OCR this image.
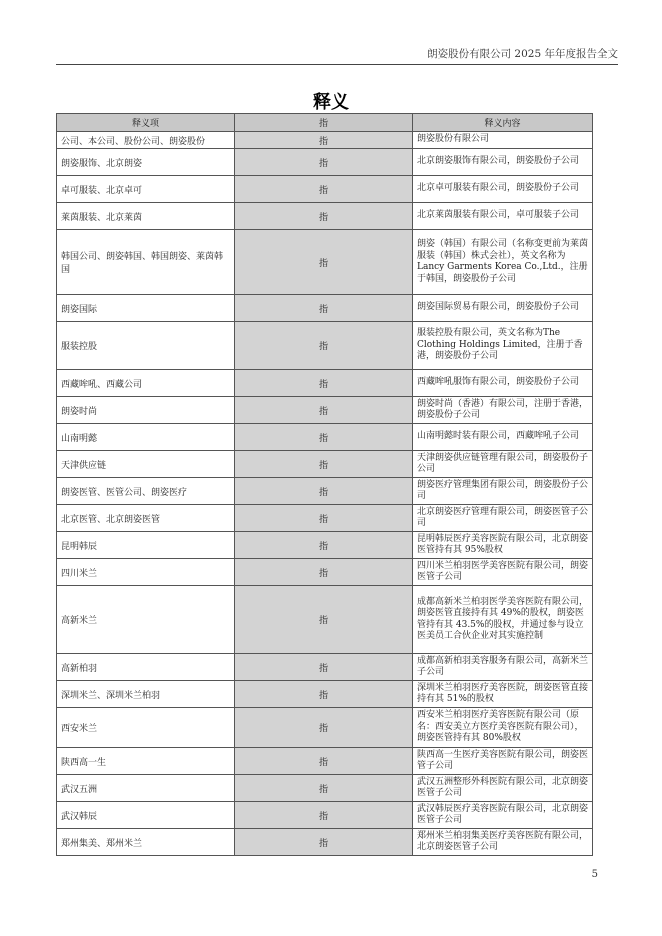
朗姿股份有限公司 2025 年年度报告全文
释义
释义项	指	释义内容
公司、本公司、股份公司、朗姿股份	指	朗姿股份有限公司
朗姿服饰、北京朗姿	指	北京朗姿服饰有限公司，朗姿股份子公司
卓可服装、北京卓可	指	北京卓可服装有限公司，朗姿股份子公司
莱茵服装、北京莱茵	指	北京莱茵服装有限公司，卓可服装子公司
韩国公司、朗姿韩国、韩国朗姿、莱茵韩国	指	朗姿（韩国）有限公司（名称变更前为莱茵服装（韩国）株式会社），英文名称为Lancy Garments Korea Co.,Ltd.，注册于韩国，朗姿股份子公司
朗姿国际	指	朗姿国际贸易有限公司，朗姿股份子公司
服装控股	指	服装控股有限公司，英文名称为The Clothing Holdings Limited，注册于香港，朗姿股份子公司
西藏哞吼、西藏公司	指	西藏哞吼服饰有限公司，朗姿股份子公司
朗姿时尚	指	朗姿时尚（香港）有限公司，注册于香港，朗姿股份子公司
山南明懿	指	山南明懿时装有限公司，西藏哞吼子公司
天津供应链	指	天津朗姿供应链管理有限公司，朗姿股份子公司
朗姿医管、医管公司、朗姿医疗	指	朗姿医疗管理集团有限公司，朗姿股份子公司
北京医管、北京朗姿医管	指	北京朗姿医疗管理有限公司，朗姿医管子公司
昆明韩辰	指	昆明韩辰医疗美容医院有限公司，北京朗姿医管持有其 95%股权
四川米兰	指	四川米兰柏羽医学美容医院有限公司，朗姿医管子公司
高新米兰	指	成都高新米兰柏羽医学美容医院有限公司，朗姿医管直接持有其 49%的股权，朗姿医管持有其 43.5%的股权，并通过参与设立医美员工合伙企业对其实施控制
高新柏羽	指	成都高新柏羽美容服务有限公司，高新米兰子公司
深圳米兰、深圳米兰柏羽	指	深圳米兰柏羽医疗美容医院，朗姿医管直接持有其 51%的股权
西安米兰	指	西安米兰柏羽医疗美容医院有限公司（原名：西安美立方医疗美容医院有限公司），朗姿医管持有其 80%股权
陕西高一生	指	陕西高一生医疗美容医院有限公司，朗姿医管子公司
武汉五洲	指	武汉五洲整形外科医院有限公司，北京朗姿医管子公司
武汉韩辰	指	武汉韩辰医疗美容医院有限公司，北京朗姿医管子公司
郑州集美、郑州米兰	指	郑州米兰柏羽集美医疗美容医院有限公司，北京朗姿医管子公司
5
